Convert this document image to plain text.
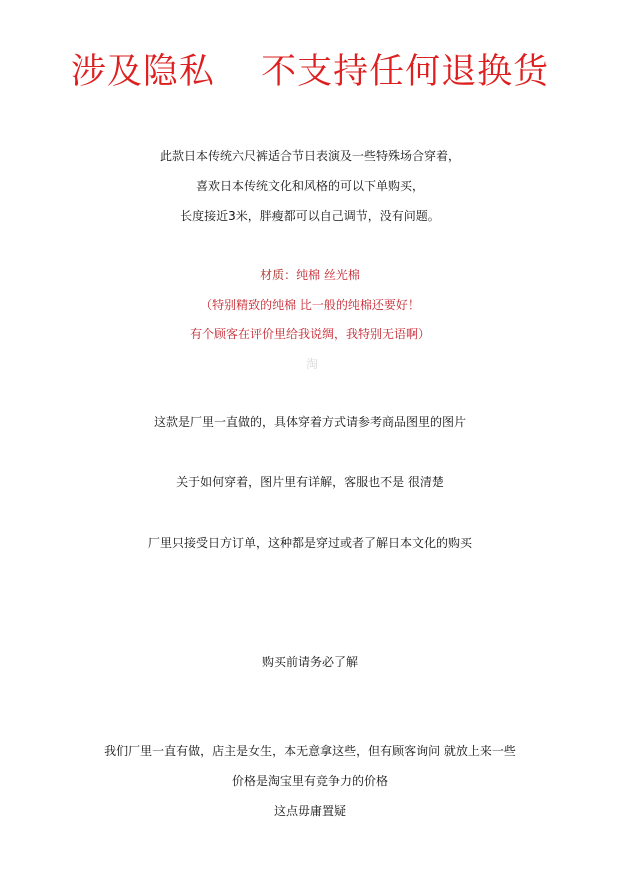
涉及隐私 不支持任何退换货
此款日本传统六尺裤适合节日表演及一些特殊场合穿着，
喜欢日本传统文化和风格的可以下单购买，
长度接近3米，胖瘦都可以自己调节，没有问题。
材质：纯棉 丝光棉
（特别精致的纯棉 比一般的纯棉还要好！
有个顾客在评价里给我说绸，我特别无语啊）
淘
这款是厂里一直做的，具体穿着方式请参考商品图里的图片
关于如何穿着，图片里有详解，客服也不是 很清楚
厂里只接受日方订单，这种都是穿过或者了解日本文化的购买
购买前请务必了解
我们厂里一直有做，店主是女生，本无意拿这些，但有顾客询问 就放上来一些
价格是淘宝里有竞争力的价格
这点毋庸置疑
